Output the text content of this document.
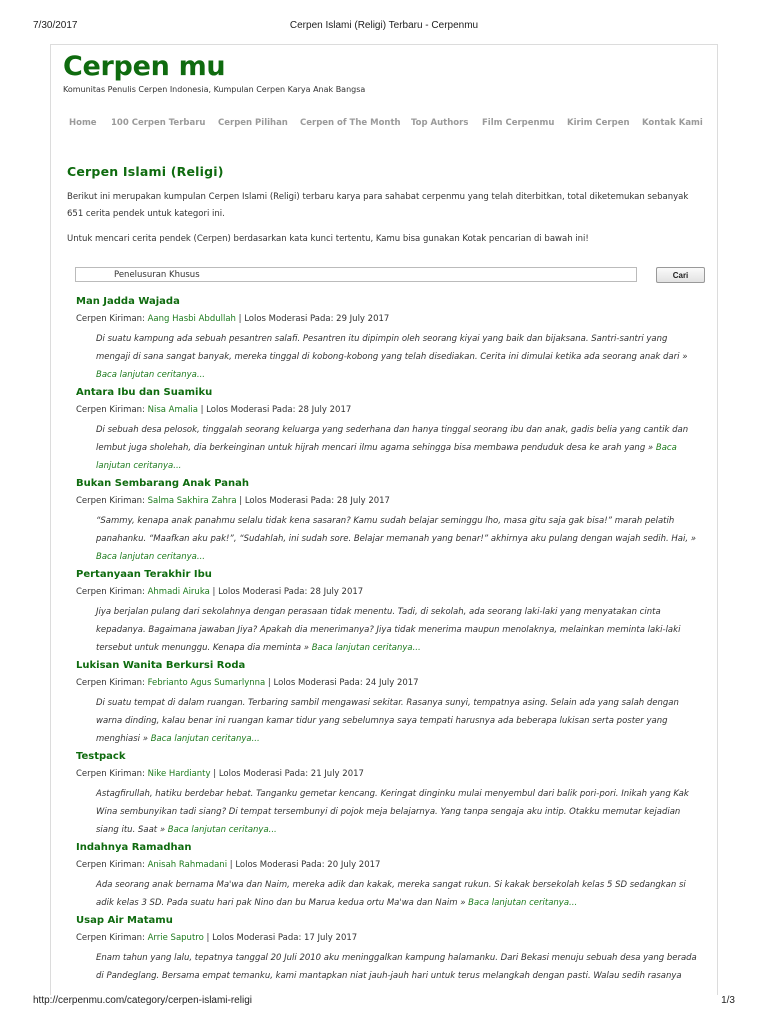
7/30/2017	Cerpen Islami (Religi) Terbaru - Cerpenmu
Cerpen mu
Komunitas Penulis Cerpen Indonesia, Kumpulan Cerpen Karya Anak Bangsa
Home 100 Cerpen Terbaru Cerpen Pilihan Cerpen of The Month Top Authors Film Cerpenmu Kirim Cerpen Kontak Kami
Cerpen Islami (Religi)

Berikut ini merupakan kumpulan Cerpen Islami (Religi) terbaru karya para sahabat cerpenmu yang telah diterbitkan, total diketemukan sebanyak 651 cerita pendek untuk kategori ini.

Untuk mencari cerita pendek (Cerpen) berdasarkan kata kunci tertentu, Kamu bisa gunakan Kotak pencarian di bawah ini!

Penelusuran Khusus
Cari
Man Jadda Wajada
Cerpen Kiriman: Aang Hasbi Abdullah | Lolos Moderasi Pada: 29 July 2017
Di suatu kampung ada sebuah pesantren salafi. Pesantren itu dipimpin oleh seorang kiyai yang baik dan bijaksana. Santri-santri yang mengaji di sana sangat banyak, mereka tinggal di kobong-kobong yang telah disediakan. Cerita ini dimulai ketika ada seorang anak dari » Baca lanjutan ceritanya...
Antara Ibu dan Suamiku
Cerpen Kiriman: Nisa Amalia | Lolos Moderasi Pada: 28 July 2017
Di sebuah desa pelosok, tinggalah seorang keluarga yang sederhana dan hanya tinggal seorang ibu dan anak, gadis belia yang cantik dan lembut juga sholehah, dia berkeinginan untuk hijrah mencari ilmu agama sehingga bisa membawa penduduk desa ke arah yang » Baca lanjutan ceritanya...
Bukan Sembarang Anak Panah
Cerpen Kiriman: Salma Sakhira Zahra | Lolos Moderasi Pada: 28 July 2017
“Sammy, kenapa anak panahmu selalu tidak kena sasaran? Kamu sudah belajar seminggu lho, masa gitu saja gak bisa!” marah pelatih panahanku. “Maafkan aku pak!”, “Sudahlah, ini sudah sore. Belajar memanah yang benar!” akhirnya aku pulang dengan wajah sedih. Hai, » Baca lanjutan ceritanya...
Pertanyaan Terakhir Ibu
Cerpen Kiriman: Ahmadi Airuka | Lolos Moderasi Pada: 28 July 2017
Jiya berjalan pulang dari sekolahnya dengan perasaan tidak menentu. Tadi, di sekolah, ada seorang laki-laki yang menyatakan cinta kepadanya. Bagaimana jawaban Jiya? Apakah dia menerimanya? Jiya tidak menerima maupun menolaknya, melainkan meminta laki-laki tersebut untuk menunggu. Kenapa dia meminta » Baca lanjutan ceritanya...
Lukisan Wanita Berkursi Roda
Cerpen Kiriman: Febrianto Agus Sumarlynna | Lolos Moderasi Pada: 24 July 2017
Di suatu tempat di dalam ruangan. Terbaring sambil mengawasi sekitar. Rasanya sunyi, tempatnya asing. Selain ada yang salah dengan warna dinding, kalau benar ini ruangan kamar tidur yang sebelumnya saya tempati harusnya ada beberapa lukisan serta poster yang menghiasi » Baca lanjutan ceritanya...
Testpack
Cerpen Kiriman: Nike Hardianty | Lolos Moderasi Pada: 21 July 2017
Astagfirullah, hatiku berdebar hebat. Tanganku gemetar kencang. Keringat dinginku mulai menyembul dari balik pori-pori. Inikah yang Kak Wina sembunyikan tadi siang? Di tempat tersembunyi di pojok meja belajarnya. Yang tanpa sengaja aku intip. Otakku memutar kejadian siang itu. Saat » Baca lanjutan ceritanya...
Indahnya Ramadhan
Cerpen Kiriman: Anisah Rahmadani | Lolos Moderasi Pada: 20 July 2017
Ada seorang anak bernama Ma'wa dan Naim, mereka adik dan kakak, mereka sangat rukun. Si kakak bersekolah kelas 5 SD sedangkan si adik kelas 3 SD. Pada suatu hari pak Nino dan bu Marua kedua ortu Ma'wa dan Naim » Baca lanjutan ceritanya...
Usap Air Matamu
Cerpen Kiriman: Arrie Saputro | Lolos Moderasi Pada: 17 July 2017
Enam tahun yang lalu, tepatnya tanggal 20 Juli 2010 aku meninggalkan kampung halamanku. Dari Bekasi menuju sebuah desa yang berada di Pandeglang. Bersama empat temanku, kami mantapkan niat jauh-jauh hari untuk terus melangkah dengan pasti. Walau sedih rasanya
http://cerpenmu.com/category/cerpen-islami-religi	1/3
